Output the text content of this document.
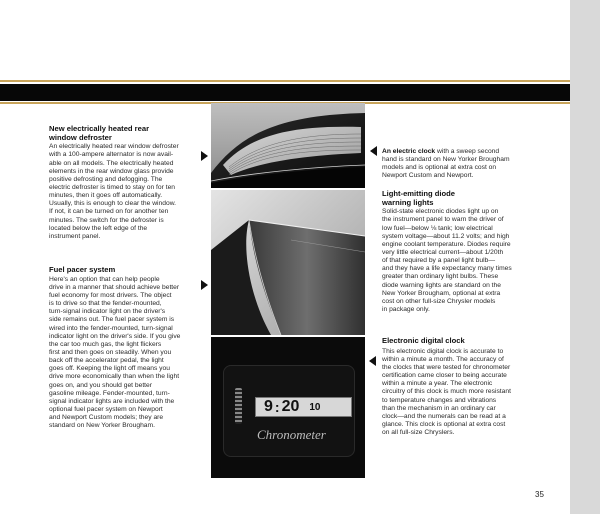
New electrically heated rear
window defroster
An electrically heated rear window defroster
with a 100-ampere alternator is now avail-
able on all models. The electrically heated
elements in the rear window glass provide
positive defrosting and defogging. The
electric defroster is timed to stay on for ten
minutes, then it goes off automatically.
Usually, this is enough to clear the window.
If not, it can be turned on for another ten
minutes. The switch for the defroster is
located below the left edge of the
instrument panel.
Fuel pacer system
Here's an option that can help people
drive in a manner that should achieve better
fuel economy for most drivers. The object
is to drive so that the fender-mounted,
turn-signal indicator light on the driver's
side remains out. The fuel pacer system is
wired into the fender-mounted, turn-signal
indicator light on the driver's side. If you give
the car too much gas, the light flickers
first and then goes on steadily. When you
back off the accelerator pedal, the light
goes off. Keeping the light off means you
drive more economically than when the light
goes on, and you should get better
gasoline mileage. Fender-mounted, turn-
signal indicator lights are included with the
optional fuel pacer system on Newport
and Newport Custom models; they are
standard on New Yorker Brougham.
9 : 20 10
Chronometer
An electric clock with a sweep second
hand is standard on New Yorker Brougham
models and is optional at extra cost on
Newport Custom and Newport.
Light-emitting diode
warning lights
Solid-state electronic diodes light up on
the instrument panel to warn the driver of
low fuel—below ⅛ tank; low electrical
system voltage—about 11.2 volts; and high
engine coolant temperature. Diodes require
very little electrical current—about 1/20th
of that required by a panel light bulb—
and they have a life expectancy many times
greater than ordinary light bulbs. These
diode warning lights are standard on the
New Yorker Brougham, optional at extra
cost on other full-size Chrysler models
in package only.
Electronic digital clock
This electronic digital clock is accurate to
within a minute a month. The accuracy of
the clocks that were tested for chronometer
certification came closer to being accurate
within a minute a year. The electronic
circuitry of this clock is much more resistant
to temperature changes and vibrations
than the mechanism in an ordinary car
clock—and the numerals can be read at a
glance. This clock is optional at extra cost
on all full-size Chryslers.
35
